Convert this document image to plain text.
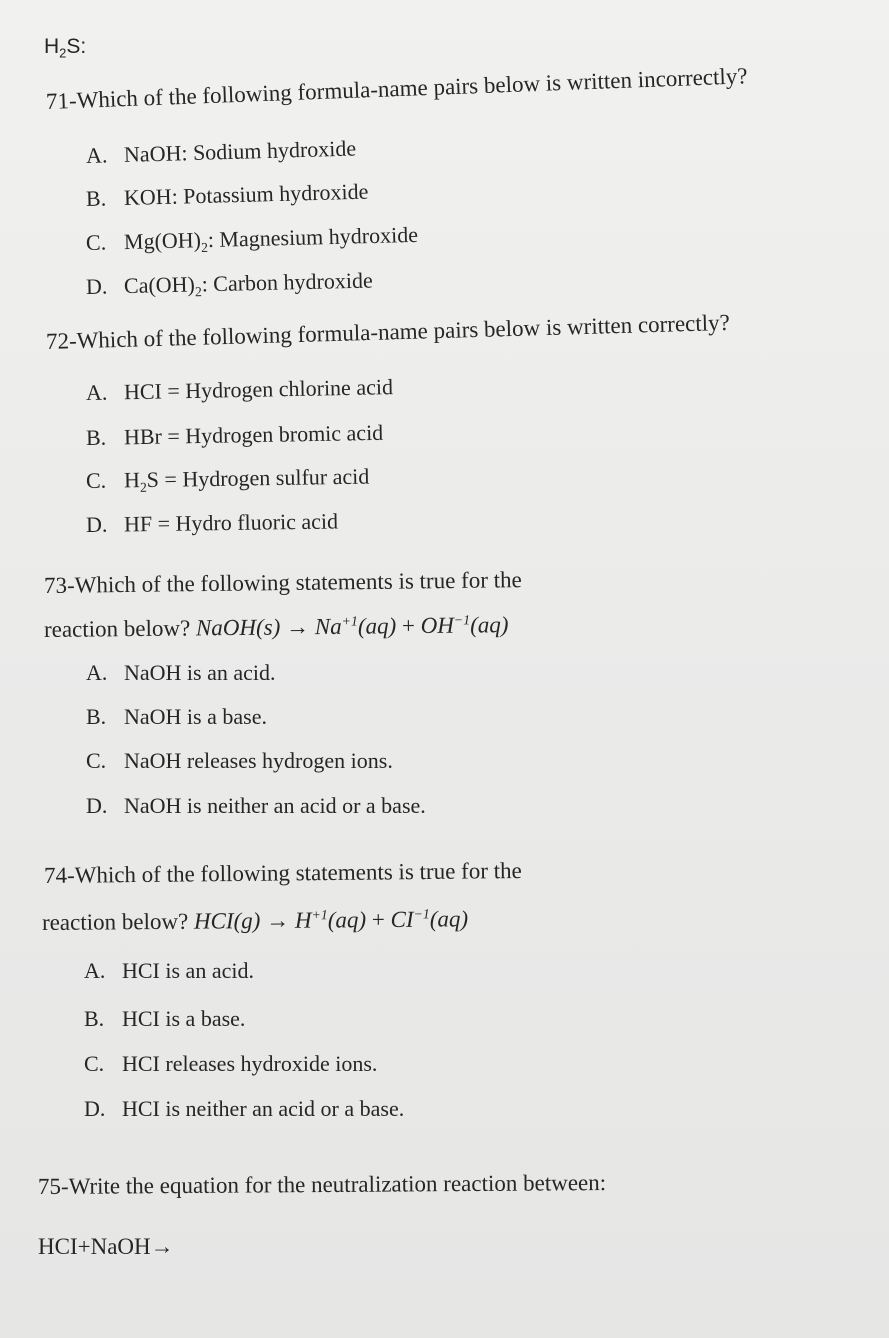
$H_2S$:
71-Which of the following formula-name pairs below is written incorrectly?
A. NaOH: Sodium hydroxide
B. KOH: Potassium hydroxide
C. $Mg(OH)_2$: Magnesium hydroxide
D. $Ca(OH)_2$: Carbon hydroxide
72-Which of the following formula-name pairs below is written correctly?
A. HCI = Hydrogen chlorine acid
B. HBr = Hydrogen bromic acid
C. $H_2S$ = Hydrogen sulfur acid
D. HF = Hydro fluoric acid
73-Which of the following statements is true for the
reaction below? NaOH(s) → $Na^{+1}(aq) + OH^{-1}(aq)$
A. NaOH is an acid.
B. NaOH is a base.
C. NaOH releases hydrogen ions.
D. NaOH is neither an acid or a base.
74-Which of the following statements is true for the
reaction below? $HCI(g) \to H^{+1}(aq) + CI^{-1}(aq)$
A. HCI is an acid.
B. HCI is a base.
C. HCI releases hydroxide ions.
D. HCI is neither an acid or a base.
75-Write the equation for the neutralization reaction between:
HCI+NaOH→
